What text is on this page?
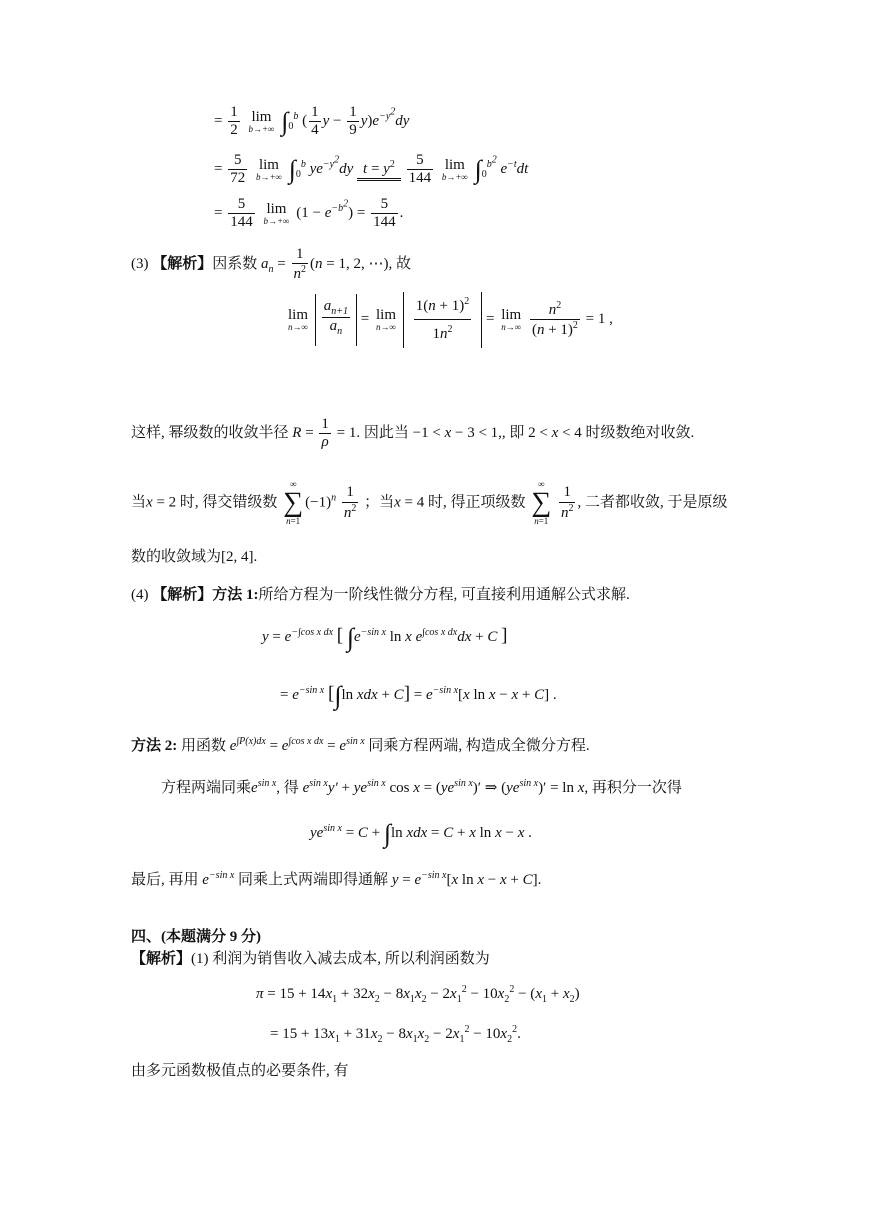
= $\frac{1}{2}$
lim
b→+∞ $\int_0^b$ ( $\frac{1}{4}$ $y - \frac{1}{9} y)e^{-y^2}dy$
= $\frac{5}{72}$
lim
b→+∞ $\int_0^b$ $ye^{-y^2}dy$ $t = y^2 \frac{5}{144}$
lim
b→+∞ $\int_0^{b^2}$ $e^{-t}dt$
= $\frac{5}{144}$
lim
b→+∞ $(1 - e^{-b^2}) = \frac{5}{144}$ .
(3) 【解析】因系数 $a_n = \frac{1}{n^2} (n = 1$, 2, ⋯), 故
lim
n→∞
$\frac{a_{n+1}}{a_n} = \lim$
n→∞
$\frac{1(n + 1)^2}{1n^2} = \lim$
n→∞
$\frac{n^2}{(n + 1)^2} = 1$ ,
这样, 幂级数的收敛半径 $R = \frac{1}{\rho} = 1$. 因此当 −1 < x − 3 < 1,, 即 2 < x < 4 时级数绝对收敛.
当x = 2 时, 得交错级数
∞
∑
n=1
$(-1)^n \frac{1}{n^2}$ ；当x = 4 时, 得正项级数
∞
∑
n=1
$\frac{1}{n^2}$ , 二者都收敛, 于是原级
数的收敛域为[2, 4].
(4) 【解析】方法 1:所给方程为一阶线性微分方程, 可直接利用通解公式求解.
$y = e^{-\int cos x dx}$ [ $\int e^{-sin x}$ ln x $e^{\int cos x dx}dx + C$ ]
= $e^{-sin x}$ [∫ln xdx + $C] = e^{-sin x}[x$ ln x − x + C] .
方法 2: 用函数 $e^{\int P(x)dx} = e^{\int cos x dx} = e^{sin x}$ 同乘方程两端, 构造成全微分方程.
方程两端同乘$e^{sin x}$, 得 $e^{sin x}y' + ye^{sin x}$ $\cos x = (ye^{sin x})'$ ⇒ $(ye^{sin x})' = \ln x$, 再积分一次得
$ye^{sin x} = C + \int\ln$ xdx = C + x ln x − x .
最后, 再用 $e^{-sin x}$ 同乘上式两端即得通解 $y = e^{-sin x}[x$ ln x − x + C].
四、(本题满分 9 分)
【解析】(1) 利润为销售收入减去成本, 所以利润函数为
$\pi = 15 + 14x_1 + 32x_2 - 8x_1x_2 - 2x_1^2 - 10x_2^2 - (x_1 + x_2)$
= $15 + 13x_1 + 31x_2 - 8x_1x_2 - 2x_1^2 - 10x_2^2$.
由多元函数极值点的必要条件, 有
